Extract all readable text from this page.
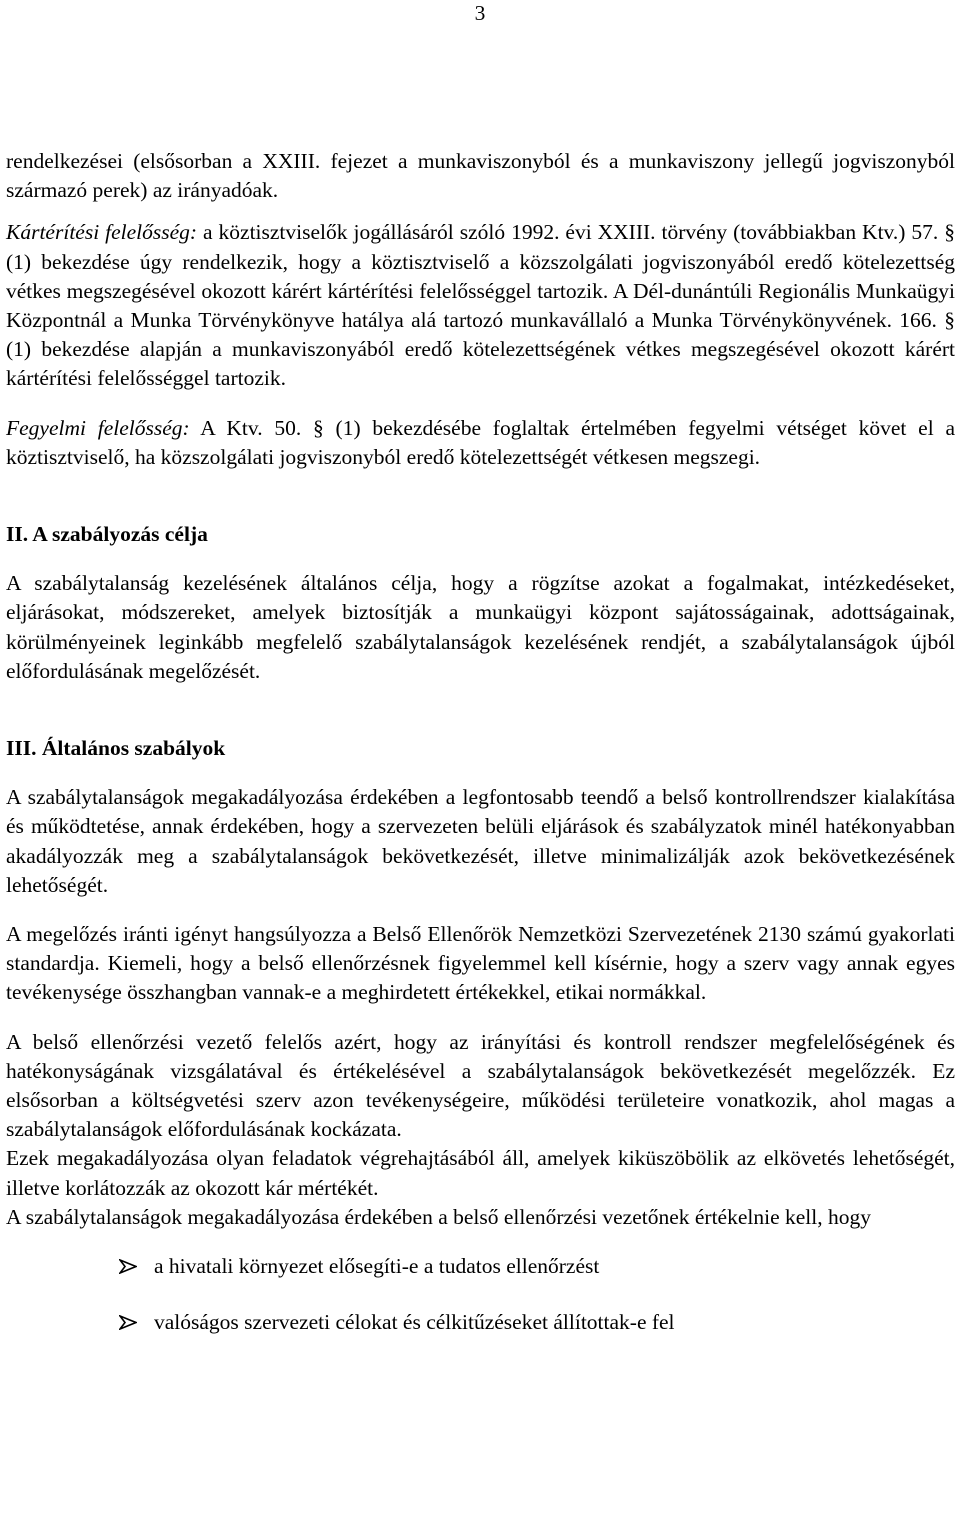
3

rendelkezései (elsősorban a XXIII. fejezet a munkaviszonyból és a munkaviszony jellegű jogviszonyból származó perek) az irányadóak.

Kártérítési felelősség: a köztisztviselők jogállásáról szóló 1992. évi XXIII. törvény (továbbiakban Ktv.) 57. § (1) bekezdése úgy rendelkezik, hogy a köztisztviselő a közszolgálati jogviszonyából eredő kötelezettség vétkes megszegésével okozott kárért kártérítési felelősséggel tartozik. A Dél-dunántúli Regionális Munkaügyi Központnál a Munka Törvénykönyve hatálya alá tartozó munkavállaló a Munka Törvénykönyvének. 166. § (1) bekezdése alapján a munkaviszonyából eredő kötelezettségének vétkes megszegésével okozott kárért kártérítési felelősséggel tartozik.

Fegyelmi felelősség: A Ktv. 50. § (1) bekezdésébe foglaltak értelmében fegyelmi vétséget követ el a köztisztviselő, ha közszolgálati jogviszonyból eredő kötelezettségét vétkesen megszegi.

II. A szabályozás célja

A szabálytalanság kezelésének általános célja, hogy a rögzítse azokat a fogalmakat, intézkedéseket, eljárásokat, módszereket, amelyek biztosítják a munkaügyi központ sajátosságainak, adottságainak, körülményeinek leginkább megfelelő szabálytalanságok kezelésének rendjét, a szabálytalanságok újból előfordulásának megelőzését.

III. Általános szabályok

A szabálytalanságok megakadályozása érdekében a legfontosabb teendő a belső kontrollrendszer kialakítása és működtetése, annak érdekében, hogy a szervezeten belüli eljárások és szabályzatok minél hatékonyabban akadályozzák meg a szabálytalanságok bekövetkezését, illetve minimalizálják azok bekövetkezésének lehetőségét.

A megelőzés iránti igényt hangsúlyozza a Belső Ellenőrök Nemzetközi Szervezetének 2130 számú gyakorlati standardja. Kiemeli, hogy a belső ellenőrzésnek figyelemmel kell kísérnie, hogy a szerv vagy annak egyes tevékenysége összhangban vannak-e a meghirdetett értékekkel, etikai normákkal.

A belső ellenőrzési vezető felelős azért, hogy az irányítási és kontroll rendszer megfelelőségének és hatékonyságának vizsgálatával és értékelésével a szabálytalanságok bekövetkezését megelőzzék. Ez elsősorban a költségvetési szerv azon tevékenységeire, működési területeire vonatkozik, ahol magas a szabálytalanságok előfordulásának kockázata.

Ezek megakadályozása olyan feladatok végrehajtásából áll, amelyek kiküszöbölik az elkövetés lehetőségét, illetve korlátozzák az okozott kár mértékét.

A szabálytalanságok megakadályozása érdekében a belső ellenőrzési vezetőnek értékelnie kell, hogy

a hivatali környezet elősegíti-e a tudatos ellenőrzést
valóságos szervezeti célokat és célkitűzéseket állítottak-e fel
